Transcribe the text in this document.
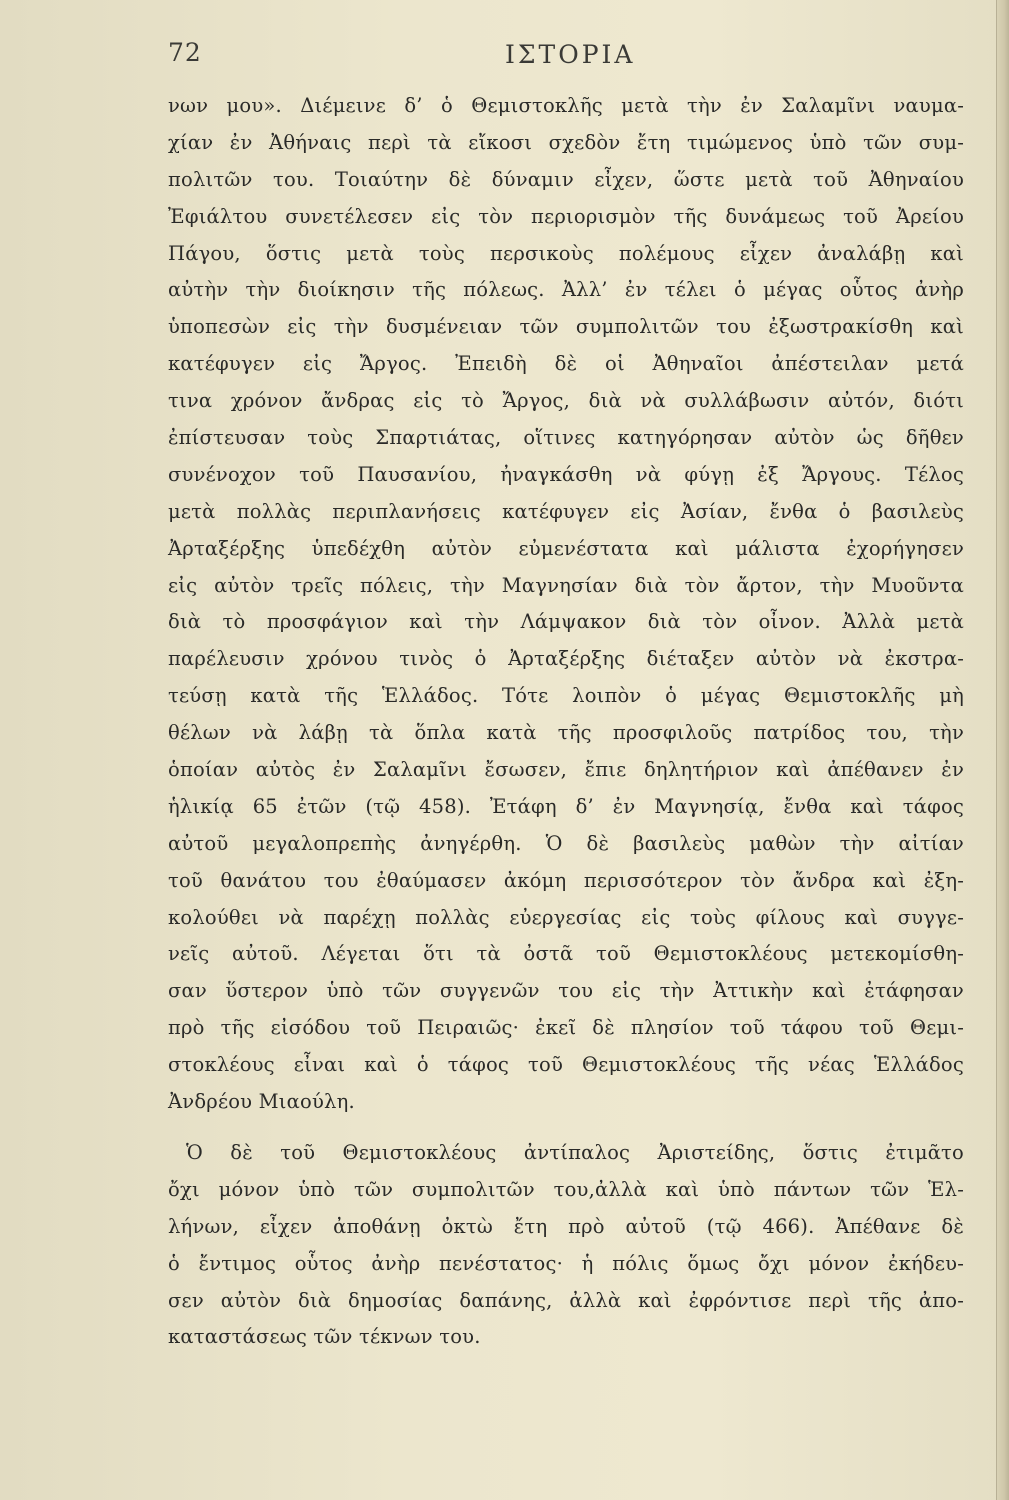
72	ΙΣΤΟΡΙΑ
νων μου». Διέμεινε δ’ ὁ Θεμιστοκλῆς μετὰ τὴν ἐν Σαλαμῖνι ναυμα-
χίαν ἐν Ἀθήναις περὶ τὰ εἴκοσι σχεδὸν ἔτη τιμώμενος ὑπὸ τῶν συμ-
πολιτῶν του. Τοιαύτην δὲ δύναμιν εἶχεν, ὥστε μετὰ τοῦ Ἀθηναίου
Ἐφιάλτου συνετέλεσεν εἰς τὸν περιορισμὸν τῆς δυνάμεως τοῦ Ἀρείου
Πάγου, ὅστις μετὰ τοὺς περσικοὺς πολέμους εἶχεν ἀναλάβῃ καὶ
αὐτὴν τὴν διοίκησιν τῆς πόλεως. Ἀλλ’ ἐν τέλει ὁ μέγας οὗτος ἀνὴρ
ὑποπεσὼν εἰς τὴν δυσμένειαν τῶν συμπολιτῶν του ἐξωστρακίσθη καὶ
κατέφυγεν εἰς Ἄργος. Ἐπειδὴ δὲ οἱ Ἀθηναῖοι ἀπέστειλαν μετά
τινα χρόνον ἄνδρας εἰς τὸ Ἄργος, διὰ νὰ συλλάβωσιν αὐτόν, διότι
ἐπίστευσαν τοὺς Σπαρτιάτας, οἵτινες κατηγόρησαν αὐτὸν ὡς δῆθεν
συνένοχον τοῦ Παυσανίου, ἠναγκάσθη νὰ φύγῃ ἐξ Ἄργους. Τέλος
μετὰ πολλὰς περιπλανήσεις κατέφυγεν εἰς Ἀσίαν, ἔνθα ὁ βασιλεὺς
Ἀρταξέρξης ὑπεδέχθη αὐτὸν εὐμενέστατα καὶ μάλιστα ἐχορήγησεν
εἰς αὐτὸν τρεῖς πόλεις, τὴν Μαγνησίαν διὰ τὸν ἄρτον, τὴν Μυοῦντα
διὰ τὸ προσφάγιον καὶ τὴν Λάμψακον διὰ τὸν οἶνον. Ἀλλὰ μετὰ
παρέλευσιν χρόνου τινὸς ὁ Ἀρταξέρξης διέταξεν αὐτὸν νὰ ἐκστρα-
τεύσῃ κατὰ τῆς Ἑλλάδος. Τότε λοιπὸν ὁ μέγας Θεμιστοκλῆς μὴ
θέλων νὰ λάβῃ τὰ ὅπλα κατὰ τῆς προσφιλοῦς πατρίδος του, τὴν
ὁποίαν αὐτὸς ἐν Σαλαμῖνι ἔσωσεν, ἔπιε δηλητήριον καὶ ἀπέθανεν ἐν
ἡλικίᾳ 65 ἐτῶν (τῷ 458). Ἐτάφη δ’ ἐν Μαγνησίᾳ, ἔνθα καὶ τάφος
αὐτοῦ μεγαλοπρεπὴς ἀνηγέρθη. Ὁ δὲ βασιλεὺς μαθὼν τὴν αἰτίαν
τοῦ θανάτου του ἐθαύμασεν ἀκόμη περισσότερον τὸν ἄνδρα καὶ ἐξη-
κολούθει νὰ παρέχῃ πολλὰς εὐεργεσίας εἰς τοὺς φίλους καὶ συγγε-
νεῖς αὐτοῦ. Λέγεται ὅτι τὰ ὀστᾶ τοῦ Θεμιστοκλέους μετεκομίσθη-
σαν ὕστερον ὑπὸ τῶν συγγενῶν του εἰς τὴν Ἀττικὴν καὶ ἐτάφησαν
πρὸ τῆς εἰσόδου τοῦ Πειραιῶς· ἐκεῖ δὲ πλησίον τοῦ τάφου τοῦ Θεμι-
στοκλέους εἶναι καὶ ὁ τάφος τοῦ Θεμιστοκλέους τῆς νέας Ἑλλάδος
Ἀνδρέου Μιαούλη.
Ὁ δὲ τοῦ Θεμιστοκλέους ἀντίπαλος Ἀριστείδης, ὅστις ἐτιμᾶτο
ὄχι μόνον ὑπὸ τῶν συμπολιτῶν του,ἀλλὰ καὶ ὑπὸ πάντων τῶν Ἑλ-
λήνων, εἶχεν ἀποθάνῃ ὀκτὼ ἔτη πρὸ αὐτοῦ (τῷ 466). Ἀπέθανε δὲ
ὁ ἔντιμος οὗτος ἀνὴρ πενέστατος· ἡ πόλις ὅμως ὄχι μόνον ἐκήδευ-
σεν αὐτὸν διὰ δημοσίας δαπάνης, ἀλλὰ καὶ ἐφρόντισε περὶ τῆς ἀπο-
καταστάσεως τῶν τέκνων του.
